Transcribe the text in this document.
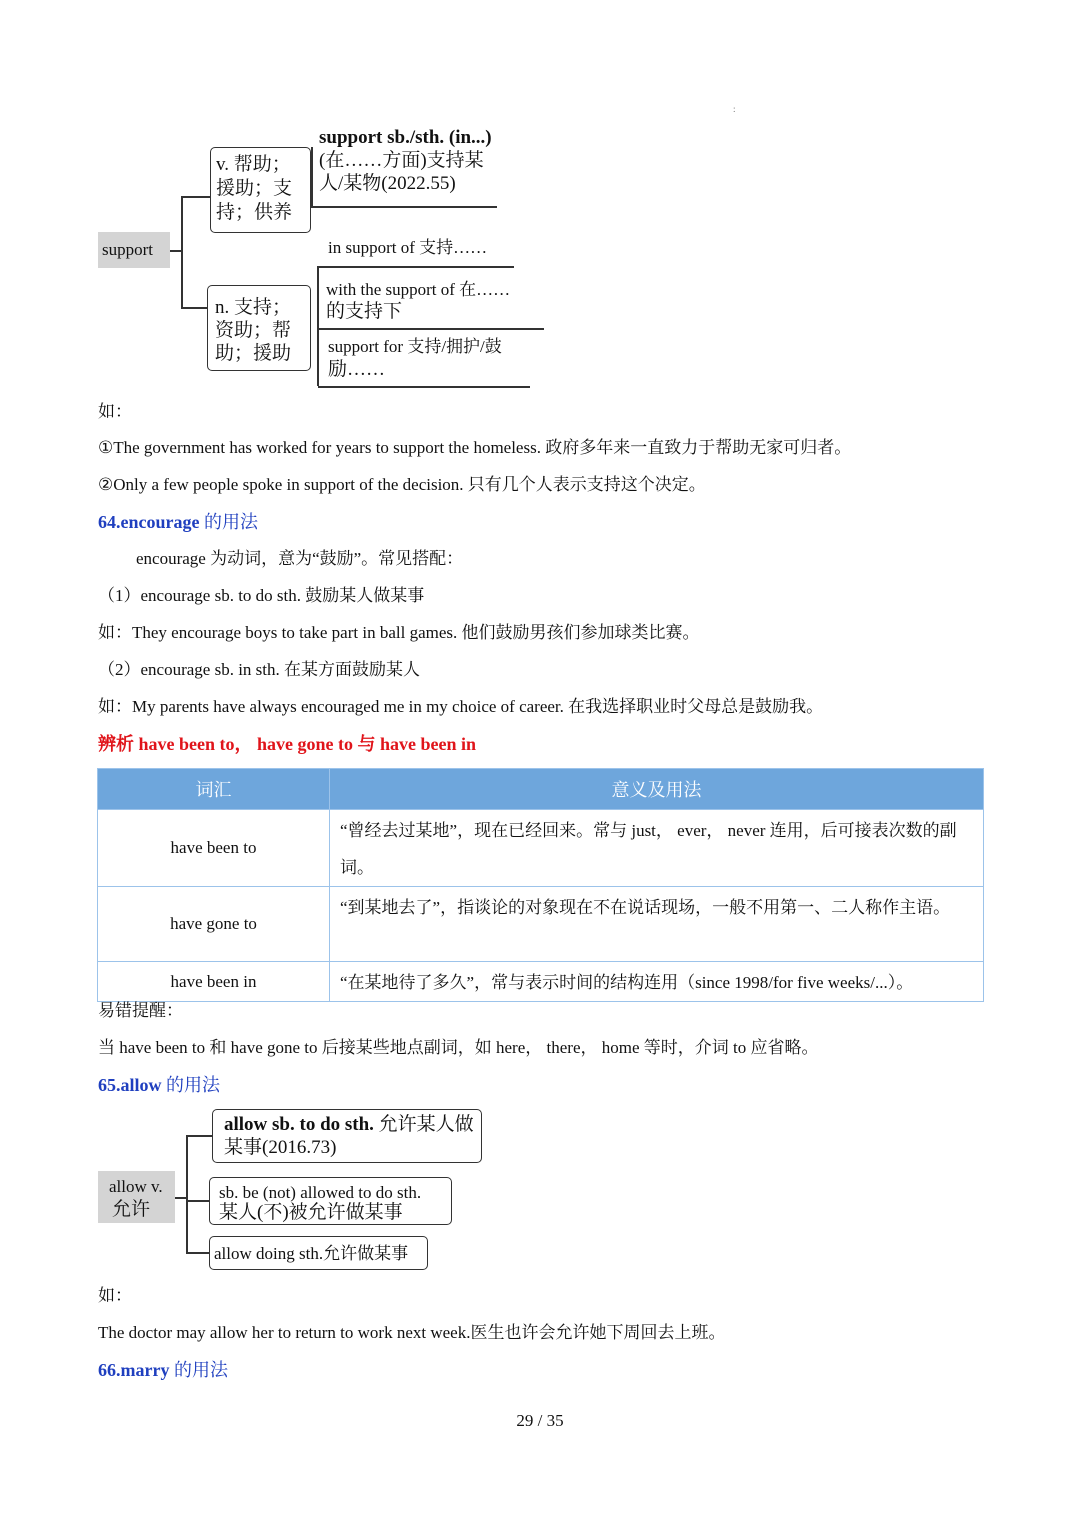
:
support
v. 帮助；
援助；支
持；供养
support sb./sth. (in...)
(在……方面)支持某
人/某物(2022.55)
n. 支持；
资助；帮
助；援助
in support of 支持……
with the support of 在……
的支持下
support for 支持/拥护/鼓
励……
如：
①The government has worked for years to support the homeless. 政府多年来一直致力于帮助无家可归者。
②Only a few people spoke in support of the decision. 只有几个人表示支持这个决定。
64.encourage 的用法
encourage 为动词，意为“鼓励”。常见搭配：
（1）encourage sb. to do sth. 鼓励某人做某事
如：They encourage boys to take part in ball games. 他们鼓励男孩们参加球类比赛。
（2）encourage sb. in sth. 在某方面鼓励某人
如：My parents have always encouraged me in my choice of career. 在我选择职业时父母总是鼓励我。
辨析 have been to， have gone to 与 have been in
词汇	意义及用法
have been to	“曾经去过某地”，现在已经回来。常与 just， ever， never 连用，后可接表次数的副词。
have gone to	“到某地去了”，指谈论的对象现在不在说话现场，一般不用第一、二人称作主语。
have been in	“在某地待了多久”，常与表示时间的结构连用（since 1998/for five weeks/...）。
易错提醒：
当 have been to 和 have gone to 后接某些地点副词，如 here， there， home 等时，介词 to 应省略。
65.allow 的用法
allow v.
允许
allow sb. to do sth. 允许某人做
某事(2016.73)
sb. be (not) allowed to do sth.
某人(不)被允许做某事
allow doing sth.允许做某事
如：
The doctor may allow her to return to work next week.医生也许会允许她下周回去上班。
66.marry 的用法
29 / 35
